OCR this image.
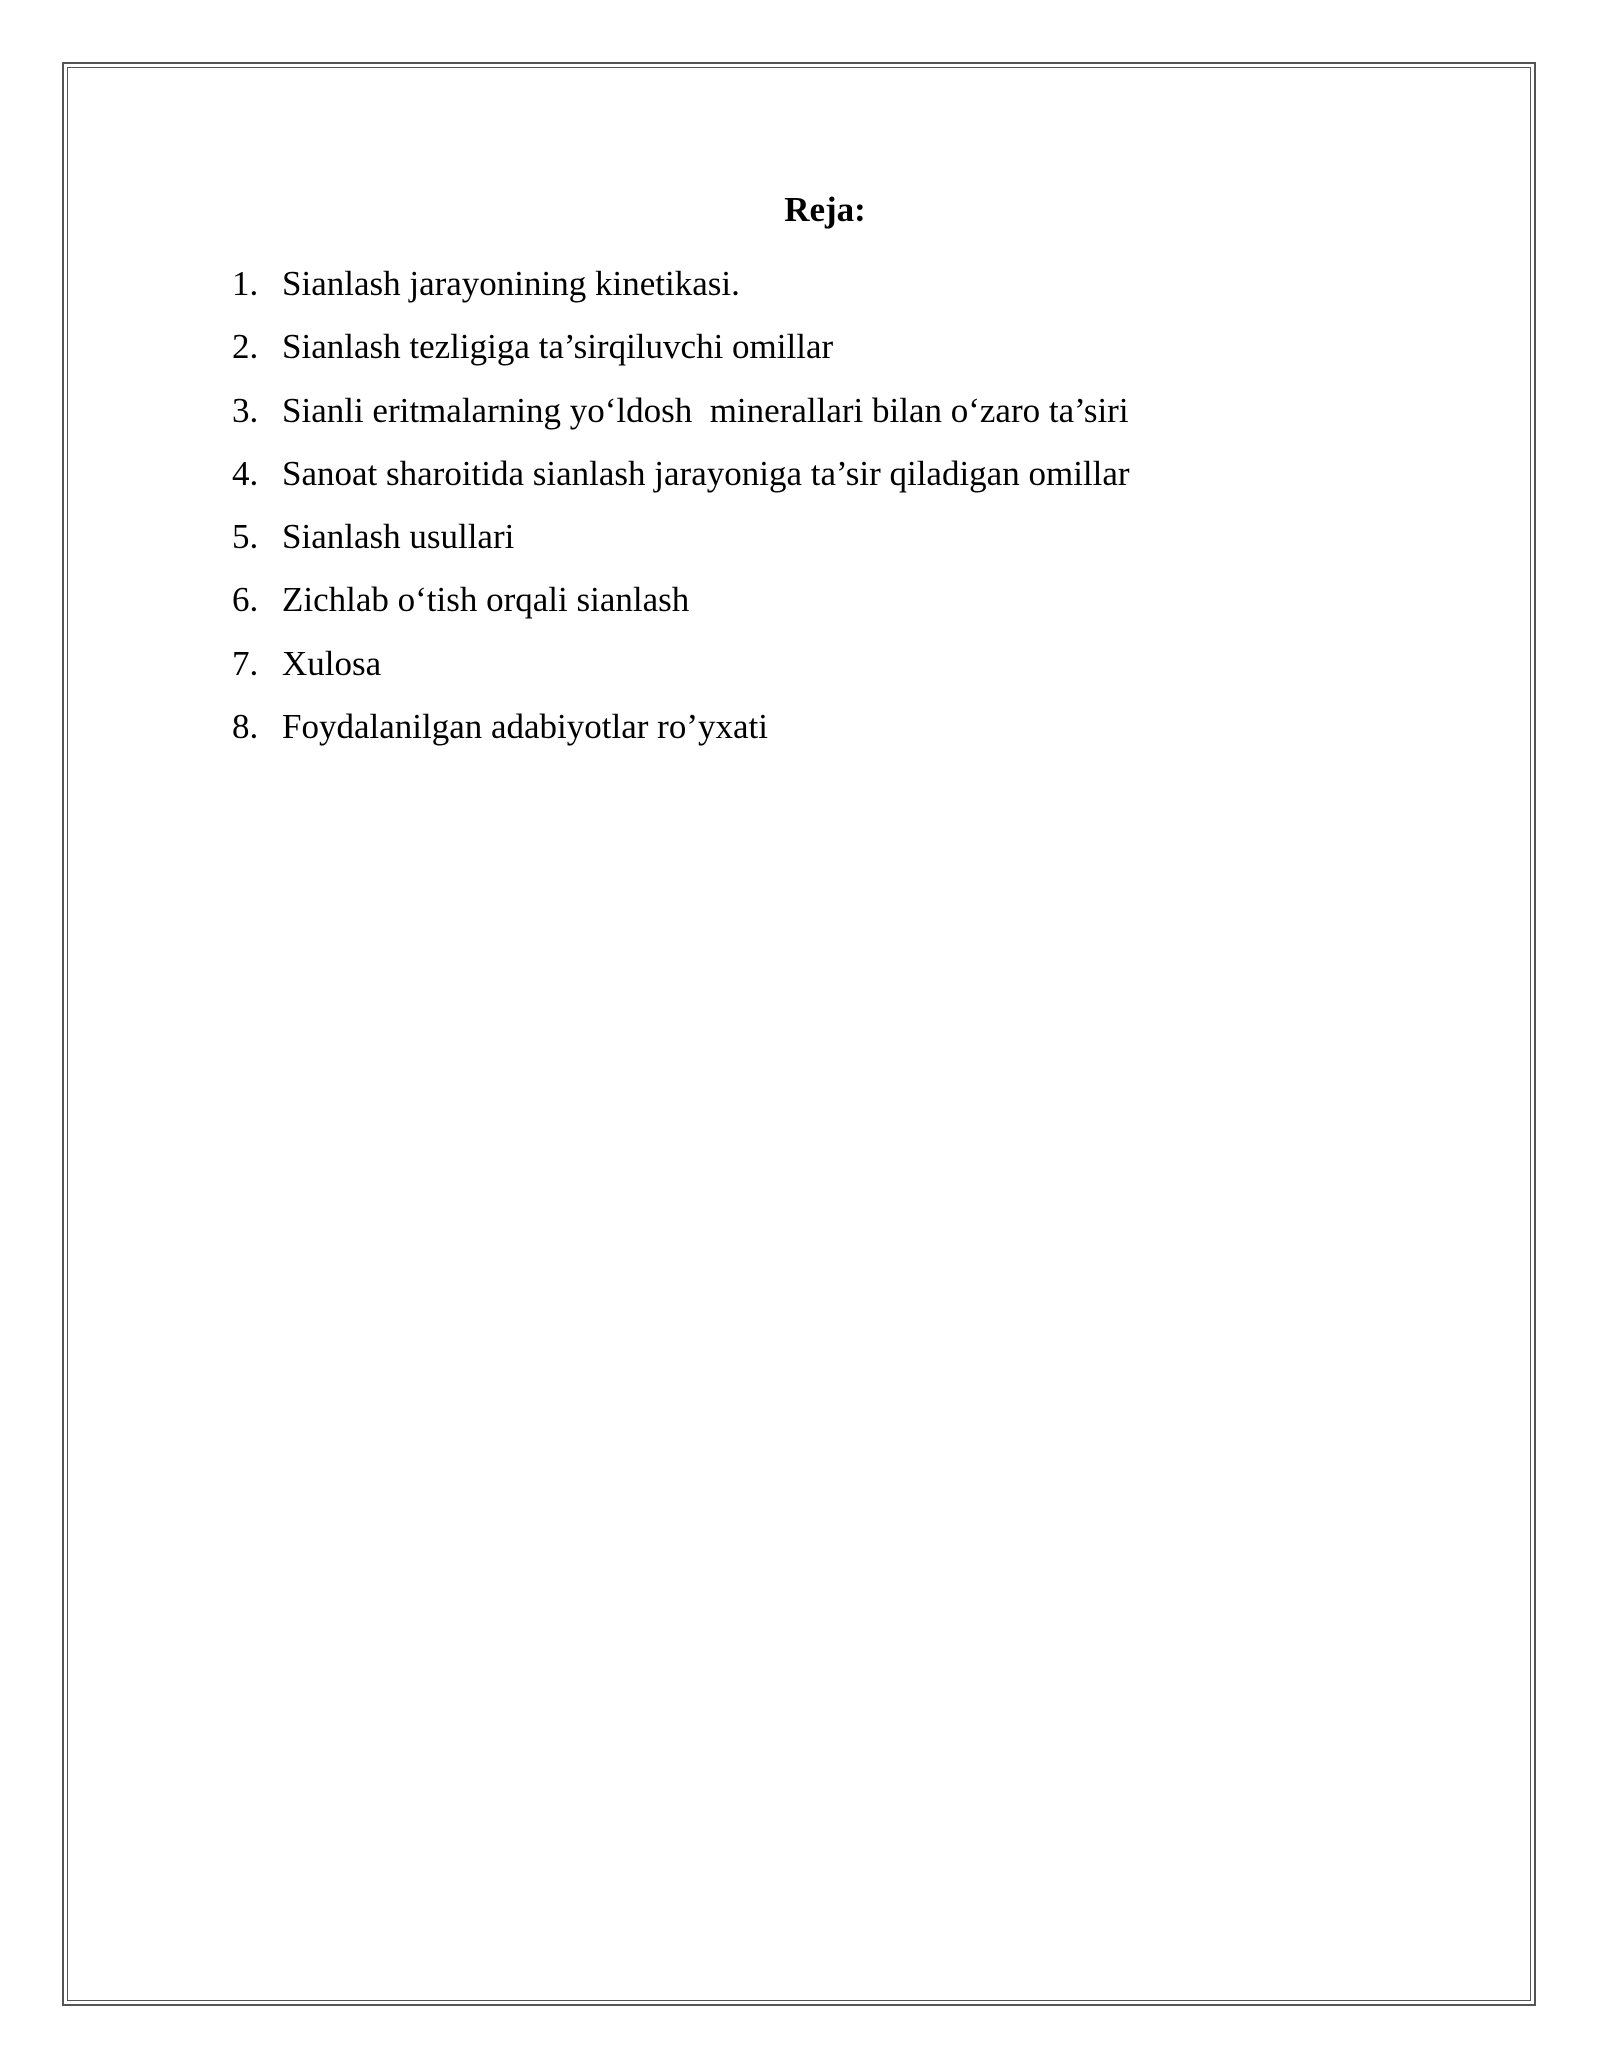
Reja:
1. Sianlash jarayonining kinetikasi.
2. Sianlash tezligiga ta’sirqiluvchi omillar
3. Sianli eritmalarning yo‘ldosh  minerallari bilan o‘zaro ta’siri
4. Sanoat sharoitida sianlash jarayoniga ta’sir qiladigan omillar
5. Sianlash usullari
6. Zichlab o‘tish orqali sianlash
7. Xulosa
8. Foydalanilgan adabiyotlar ro’yxati
